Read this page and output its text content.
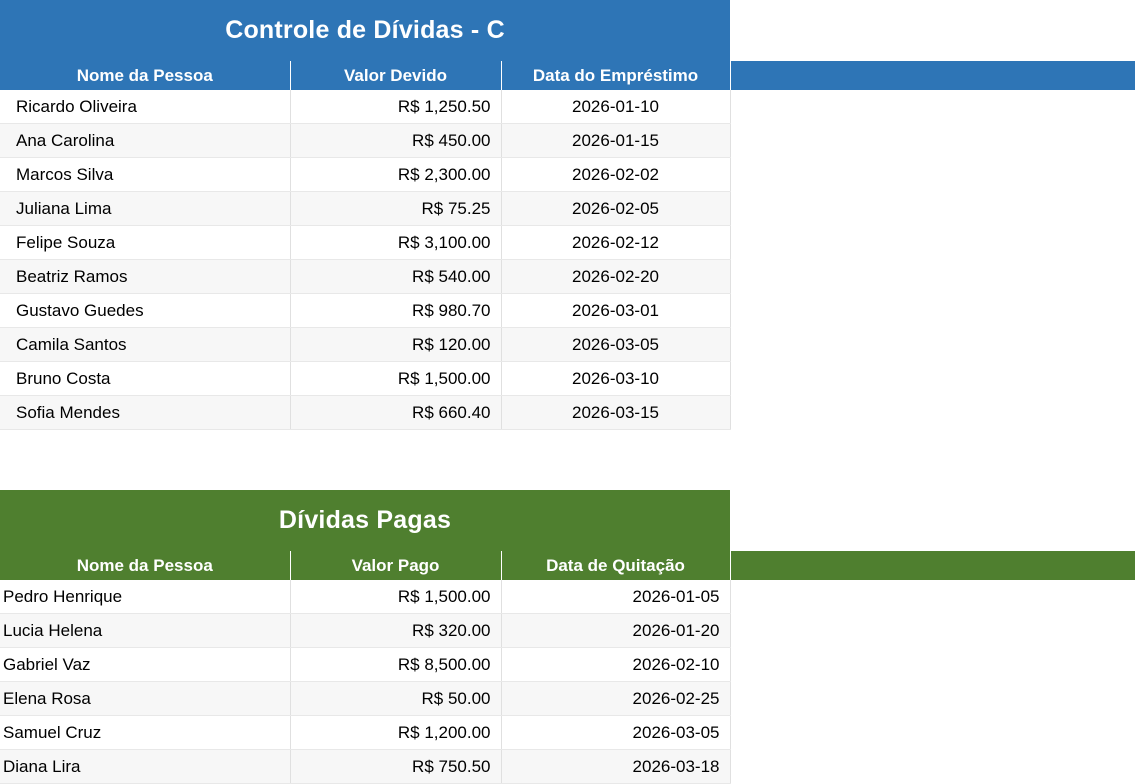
Controle de Dívidas - C			
Nome da Pessoa	Valor Devido	Data do Empréstimo	
Ricardo Oliveira	R$ 1,250.50	2026-01-10	
Ana Carolina	R$ 450.00	2026-01-15	
Marcos Silva	R$ 2,300.00	2026-02-02	
Juliana Lima	R$ 75.25	2026-02-05	
Felipe Souza	R$ 3,100.00	2026-02-12	
Beatriz Ramos	R$ 540.00	2026-02-20	
Gustavo Guedes	R$ 980.70	2026-03-01	
Camila Santos	R$ 120.00	2026-03-05	
Bruno Costa	R$ 1,500.00	2026-03-10	
Sofia Mendes	R$ 660.40	2026-03-15	
Dívidas Pagas			
Nome da Pessoa	Valor Pago	Data de Quitação	
Pedro Henrique	R$ 1,500.00	2026-01-05	
Lucia Helena	R$ 320.00	2026-01-20	
Gabriel Vaz	R$ 8,500.00	2026-02-10	
Elena Rosa	R$ 50.00	2026-02-25	
Samuel Cruz	R$ 1,200.00	2026-03-05	
Diana Lira	R$ 750.50	2026-03-18	
